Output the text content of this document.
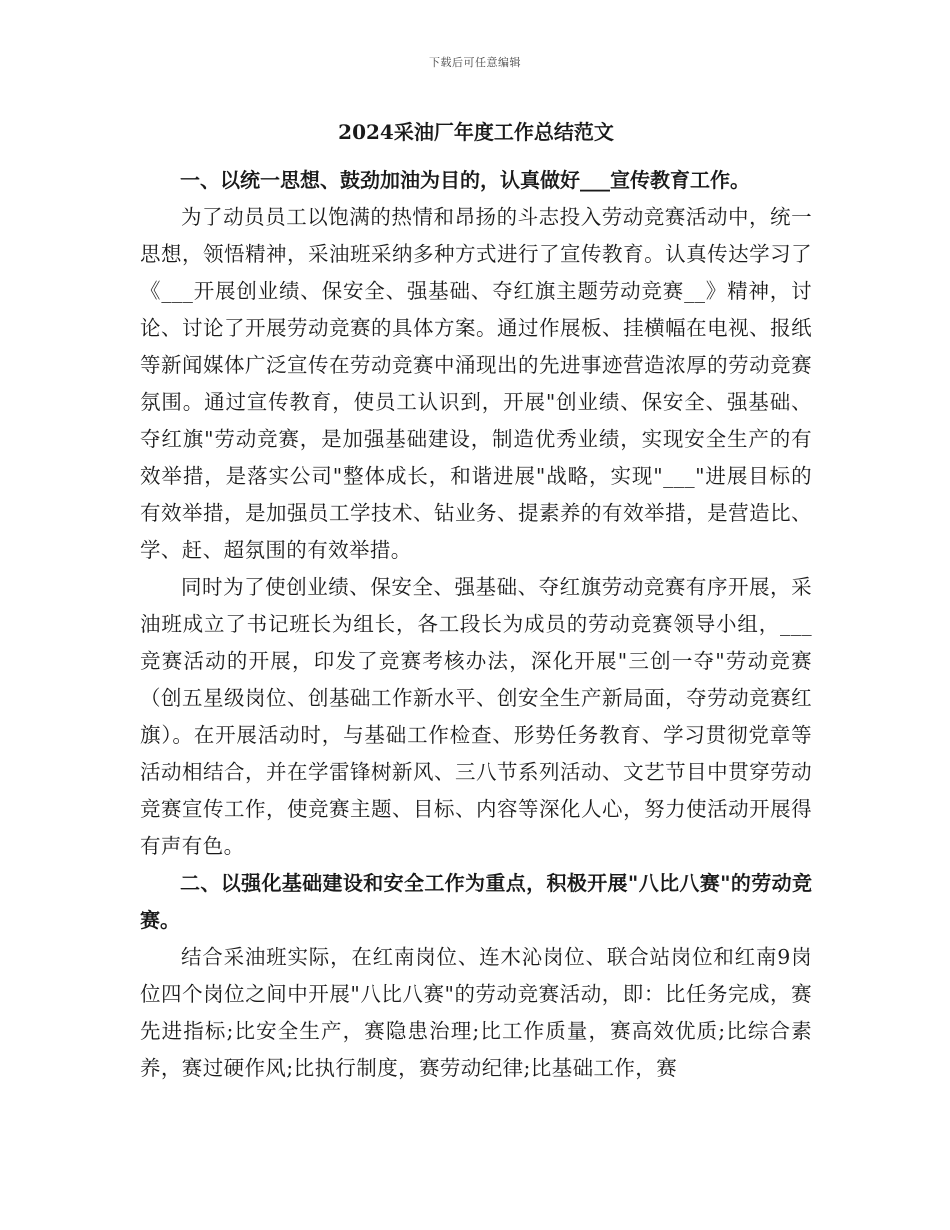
下载后可任意编辑
2024采油厂年度工作总结范文
一、以统一思想、鼓劲加油为目的，认真做好___宣传教育工作。
为了动员员工以饱满的热情和昂扬的斗志投入劳动竞赛活动中，统一思想，领悟精神，采油班采纳多种方式进行了宣传教育。认真传达学习了《___开展创业绩、保安全、强基础、夺红旗主题劳动竞赛__》精神，讨论、讨论了开展劳动竞赛的具体方案。通过作展板、挂横幅在电视、报纸等新闻媒体广泛宣传在劳动竞赛中涌现出的先进事迹营造浓厚的劳动竞赛氛围。通过宣传教育，使员工认识到，开展"创业绩、保安全、强基础、夺红旗"劳动竞赛，是加强基础建设，制造优秀业绩，实现安全生产的有效举措，是落实公司"整体成长，和谐进展"战略，实现"___"进展目标的有效举措，是加强员工学技术、钻业务、提素养的有效举措，是营造比、学、赶、超氛围的有效举措。
同时为了使创业绩、保安全、强基础、夺红旗劳动竞赛有序开展，采油班成立了书记班长为组长，各工段长为成员的劳动竞赛领导小组，___竞赛活动的开展，印发了竞赛考核办法，深化开展"三创一夺"劳动竞赛（创五星级岗位、创基础工作新水平、创安全生产新局面，夺劳动竞赛红旗）。在开展活动时，与基础工作检查、形势任务教育、学习贯彻党章等活动相结合，并在学雷锋树新风、三八节系列活动、文艺节目中贯穿劳动竞赛宣传工作，使竞赛主题、目标、内容等深化人心，努力使活动开展得有声有色。
二、以强化基础建设和安全工作为重点，积极开展"八比八赛"的劳动竞赛。
结合采油班实际，在红南岗位、连木沁岗位、联合站岗位和红南9岗位四个岗位之间中开展"八比八赛"的劳动竞赛活动，即：比任务完成，赛先进指标;比安全生产，赛隐患治理;比工作质量，赛高效优质;比综合素养，赛过硬作风;比执行制度，赛劳动纪律;比基础工作，赛
